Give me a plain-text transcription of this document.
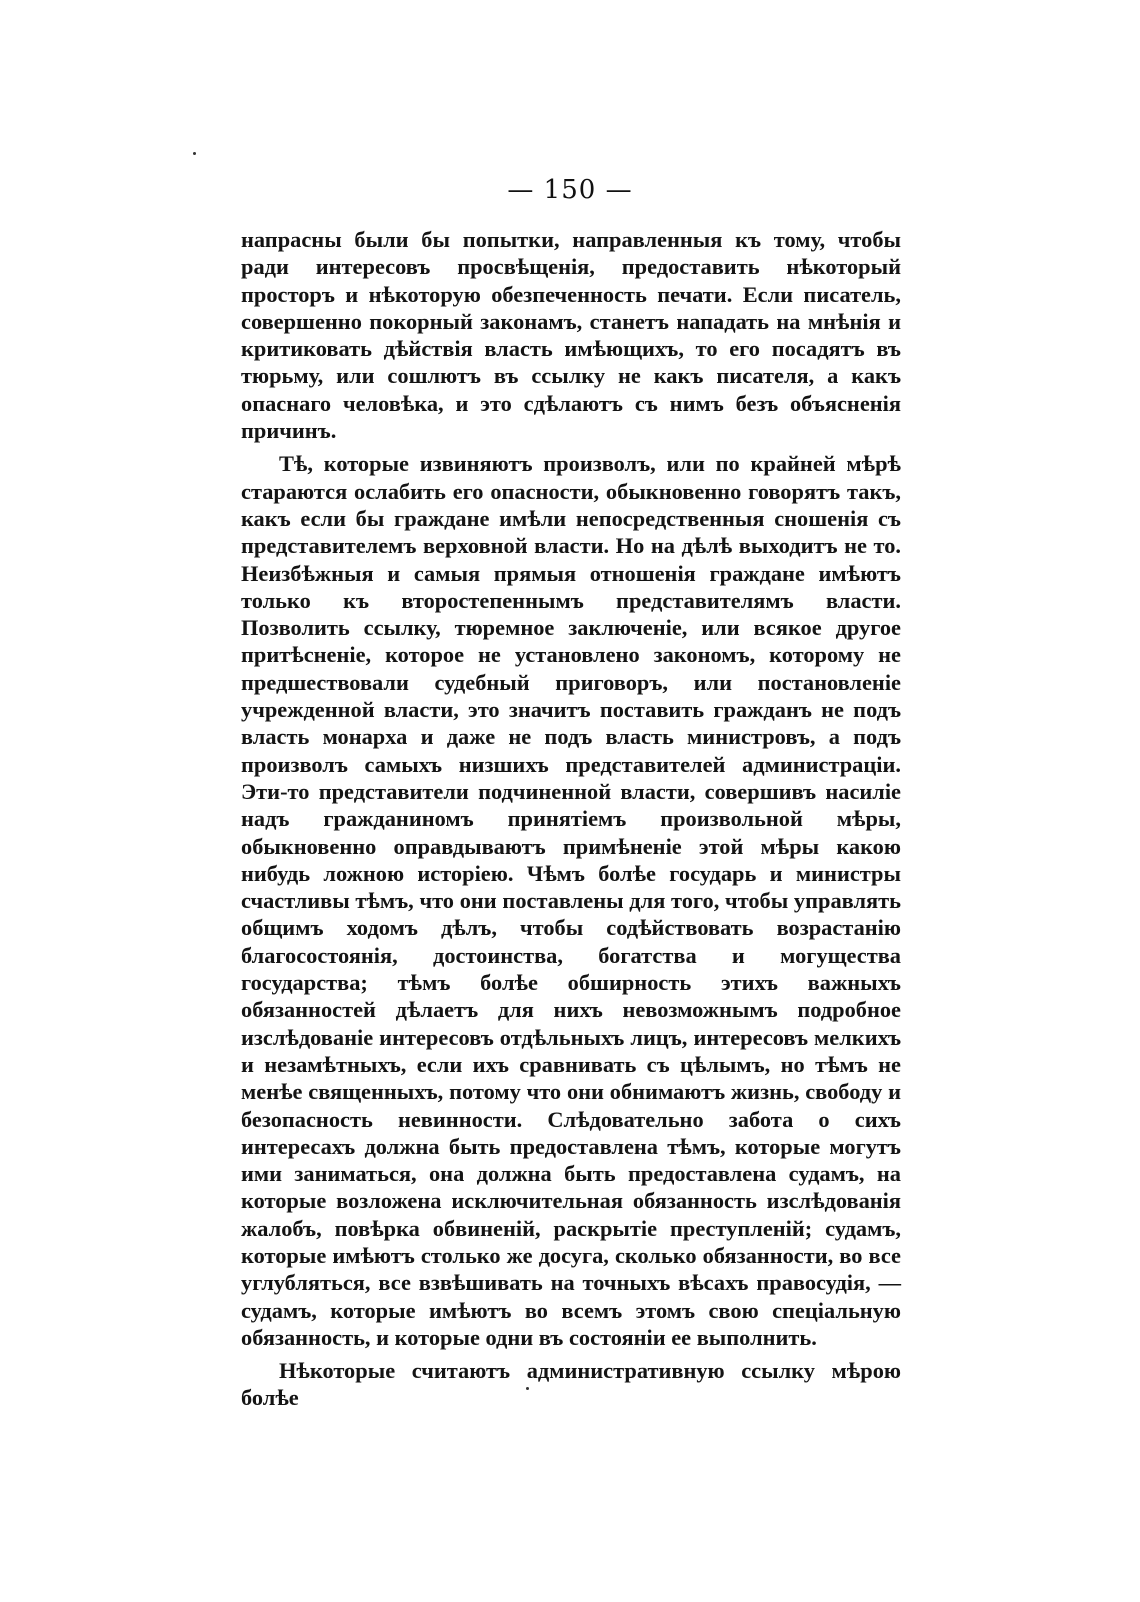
— 150 —

напрасны были бы попытки, направленныя къ тому, чтобы ради интересовъ просвѣщенія, предоставить нѣкоторый просторъ и нѣкоторую обезпеченность печати. Если писатель, совершенно покорный законамъ, станетъ нападать на мнѣнія и критиковать дѣйствія власть имѣющихъ, то его посадятъ въ тюрьму, или сошлютъ въ ссылку не какъ писателя, а какъ опаснаго человѣка, и это сдѣлаютъ съ нимъ безъ объясненія причинъ.

Тѣ, которые извиняютъ произволъ, или по крайней мѣрѣ стараются ослабить его опасности, обыкновенно говорятъ такъ, какъ если бы граждане имѣли непосредственныя сношенія съ представителемъ верховной власти. Но на дѣлѣ выходитъ не то. Неизбѣжныя и самыя прямыя отношенія граждане имѣютъ только къ второстепеннымъ представителямъ власти. Позволить ссылку, тюремное заключеніе, или всякое другое притѣсненіе, которое не установлено закономъ, которому не предшествовали судебный приговоръ, или постановленіе учрежденной власти, это значитъ поставить гражданъ не подъ власть монарха и даже не подъ власть министровъ, а подъ произволъ самыхъ низшихъ представителей администраціи. Эти-то представители подчиненной власти, совершивъ насиліе надъ гражданиномъ принятіемъ произвольной мѣры, обыкновенно оправдываютъ примѣненіе этой мѣры какою нибудь ложною исторіею. Чѣмъ болѣе государь и министры счастливы тѣмъ, что они поставлены для того, чтобы управлять общимъ ходомъ дѣлъ, чтобы содѣйствовать возрастанію благосостоянія, достоинства, богатства и могущества государства; тѣмъ болѣе обширность этихъ важныхъ обязанностей дѣлаетъ для нихъ невозможнымъ подробное изслѣдованіе интересовъ отдѣльныхъ лицъ, интересовъ мелкихъ и незамѣтныхъ, если ихъ сравнивать съ цѣлымъ, но тѣмъ не менѣе священныхъ, потому что они обнимаютъ жизнь, свободу и безопасность невинности. Слѣдовательно забота о сихъ интересахъ должна быть предоставлена тѣмъ, которые могутъ ими заниматься, она должна быть предоставлена судамъ, на которые возложена исключительная обязанность изслѣдованія жалобъ, повѣрка обвиненій, раскрытіе преступленій; судамъ, которые имѣютъ столько же досуга, сколько обязанности, во все углубляться, все взвѣшивать на точныхъ вѣсахъ правосудія, — судамъ, которые имѣютъ во всемъ этомъ свою спеціальную обязанность, и которые одни въ состояніи ее выполнить.

Нѣкоторые считаютъ административную ссылку мѣрою болѣе
